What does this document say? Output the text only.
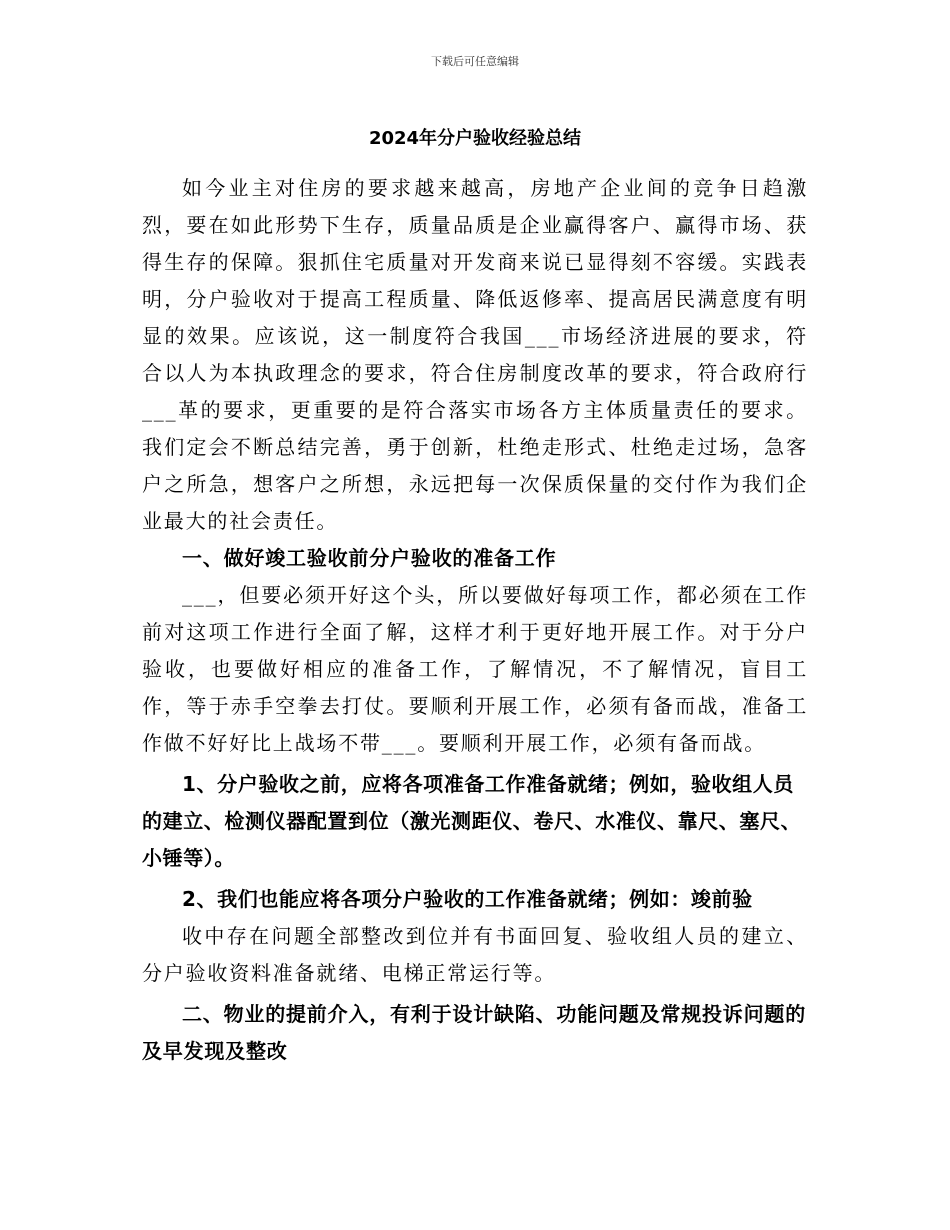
下载后可任意编辑
2024年分户验收经验总结

如今业主对住房的要求越来越高，房地产企业间的竞争日趋激烈，要在如此形势下生存，质量品质是企业赢得客户、赢得市场、获得生存的保障。狠抓住宅质量对开发商来说已显得刻不容缓。实践表明，分户验收对于提高工程质量、降低返修率、提高居民满意度有明显的效果。应该说，这一制度符合我国___市场经济进展的要求，符合以人为本执政理念的要求，符合住房制度改革的要求，符合政府行___革的要求，更重要的是符合落实市场各方主体质量责任的要求。我们定会不断总结完善，勇于创新，杜绝走形式、杜绝走过场，急客户之所急，想客户之所想，永远把每一次保质保量的交付作为我们企业最大的社会责任。

一、做好竣工验收前分户验收的准备工作

___，但要必须开好这个头，所以要做好每项工作，都必须在工作前对这项工作进行全面了解，这样才利于更好地开展工作。对于分户验收，也要做好相应的准备工作，了解情况，不了解情况，盲目工作，等于赤手空拳去打仗。要顺利开展工作，必须有备而战，准备工作做不好好比上战场不带___。要顺利开展工作，必须有备而战。

1、分户验收之前，应将各项准备工作准备就绪；例如，验收组人员的建立、检测仪器配置到位（激光测距仪、卷尺、水准仪、靠尺、塞尺、小锤等）。

2、我们也能应将各项分户验收的工作准备就绪；例如：竣前验

收中存在问题全部整改到位并有书面回复、验收组人员的建立、分户验收资料准备就绪、电梯正常运行等。

二、物业的提前介入，有利于设计缺陷、功能问题及常规投诉问题的及早发现及整改
